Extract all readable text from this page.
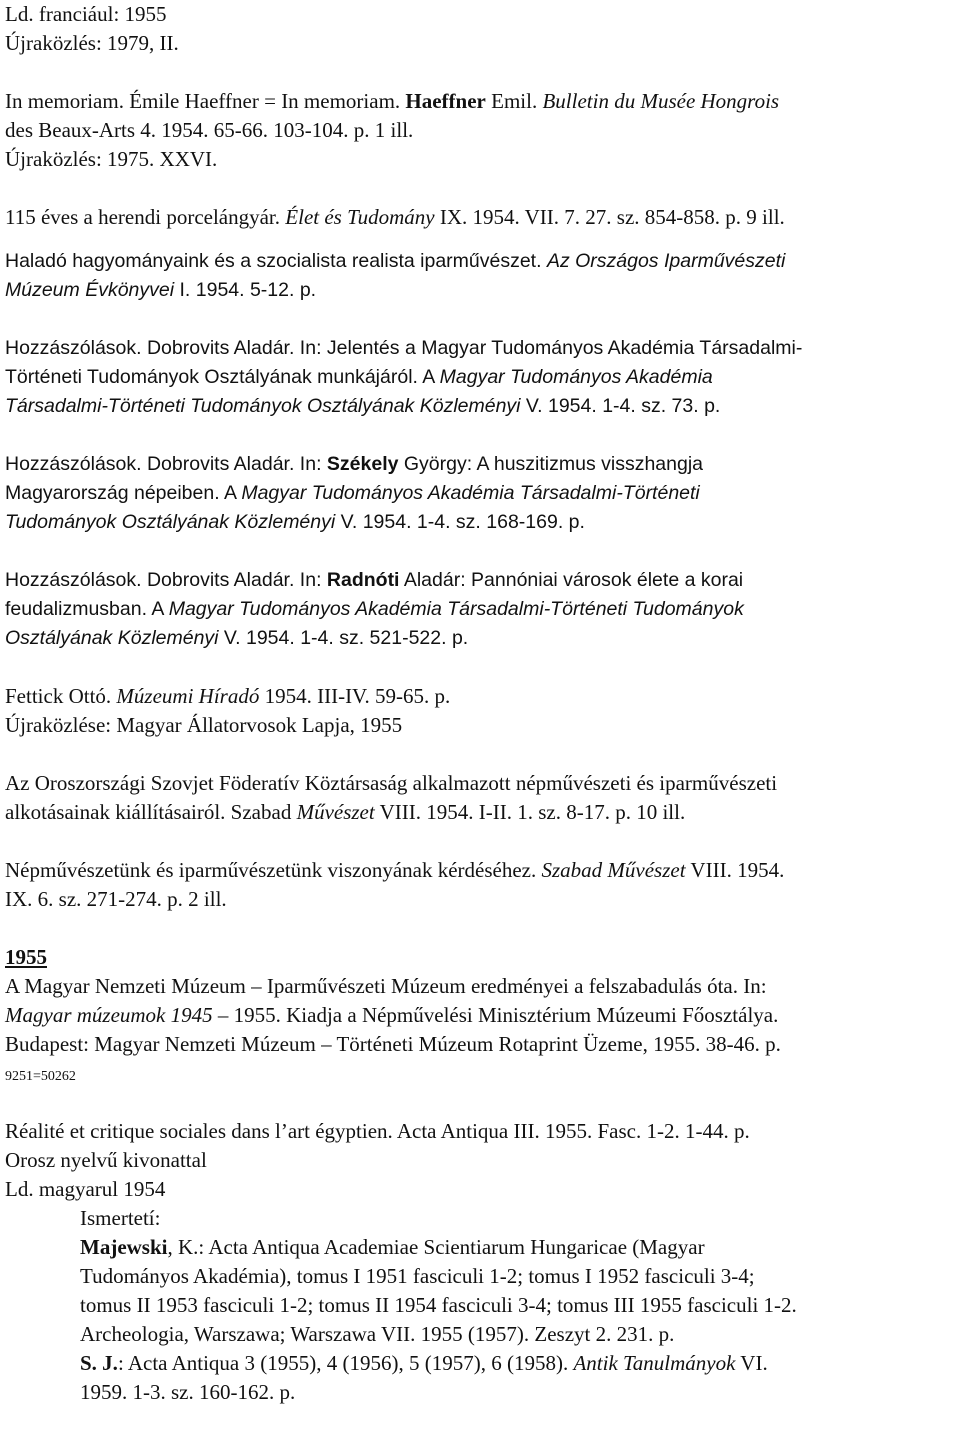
Ld. franciául: 1955
Újraközlés: 1979, II.
In memoriam. Émile Haeffner = In memoriam. Haeffner Emil. Bulletin du Musée Hongrois
des Beaux-Arts 4. 1954. 65-66. 103-104. p. 1 ill.
Újraközlés: 1975. XXVI.
115 éves a herendi porcelángyár. Élet és Tudomány IX. 1954. VII. 7. 27. sz. 854-858. p. 9 ill.
Haladó hagyományaink és a szocialista realista iparművészet. Az Országos Iparművészeti
Múzeum Évkönyvei I. 1954. 5-12. p.
Hozzászólások. Dobrovits Aladár. In: Jelentés a Magyar Tudományos Akadémia Társadalmi-
Történeti Tudományok Osztályának munkájáról. A Magyar Tudományos Akadémia
Társadalmi-Történeti Tudományok Osztályának Közleményi V. 1954. 1-4. sz. 73. p.
Hozzászólások. Dobrovits Aladár. In: Székely György: A huszitizmus visszhangja
Magyarország népeiben. A Magyar Tudományos Akadémia Társadalmi-Történeti
Tudományok Osztályának Közleményi V. 1954. 1-4. sz. 168-169. p.
Hozzászólások. Dobrovits Aladár. In: Radnóti Aladár: Pannóniai városok élete a korai
feudalizmusban. A Magyar Tudományos Akadémia Társadalmi-Történeti Tudományok
Osztályának Közleményi V. 1954. 1-4. sz. 521-522. p.
Fettick Ottó. Múzeumi Híradó 1954. III-IV. 59-65. p.
Újraközlése: Magyar Állatorvosok Lapja, 1955
Az Oroszországi Szovjet Föderatív Köztársaság alkalmazott népművészeti és iparművészeti
alkotásainak kiállításairól. Szabad Művészet VIII. 1954. I-II. 1. sz. 8-17. p. 10 ill.
Népművészetünk és iparművészetünk viszonyának kérdéséhez. Szabad Művészet VIII. 1954.
IX. 6. sz. 271-274. p. 2 ill.
1955
A Magyar Nemzeti Múzeum – Iparművészeti Múzeum eredményei a felszabadulás óta. In:
Magyar múzeumok 1945 – 1955. Kiadja a Népművelési Minisztérium Múzeumi Főosztálya.
Budapest: Magyar Nemzeti Múzeum – Történeti Múzeum Rotaprint Üzeme, 1955. 38-46. p.
9251=50262
Réalité et critique sociales dans l’art égyptien. Acta Antiqua III. 1955. Fasc. 1-2. 1-44. p.
Orosz nyelvű kivonattal
Ld. magyarul 1954
Ismertetí:
Majewski, K.: Acta Antiqua Academiae Scientiarum Hungaricae (Magyar
Tudományos Akadémia), tomus I 1951 fasciculi 1-2; tomus I 1952 fasciculi 3-4;
tomus II 1953 fasciculi 1-2; tomus II 1954 fasciculi 3-4; tomus III 1955 fasciculi 1-2.
Archeologia, Warszawa; Warszawa VII. 1955 (1957). Zeszyt 2. 231. p.
S. J.: Acta Antiqua 3 (1955), 4 (1956), 5 (1957), 6 (1958). Antik Tanulmányok VI.
1959. 1-3. sz. 160-162. p.
